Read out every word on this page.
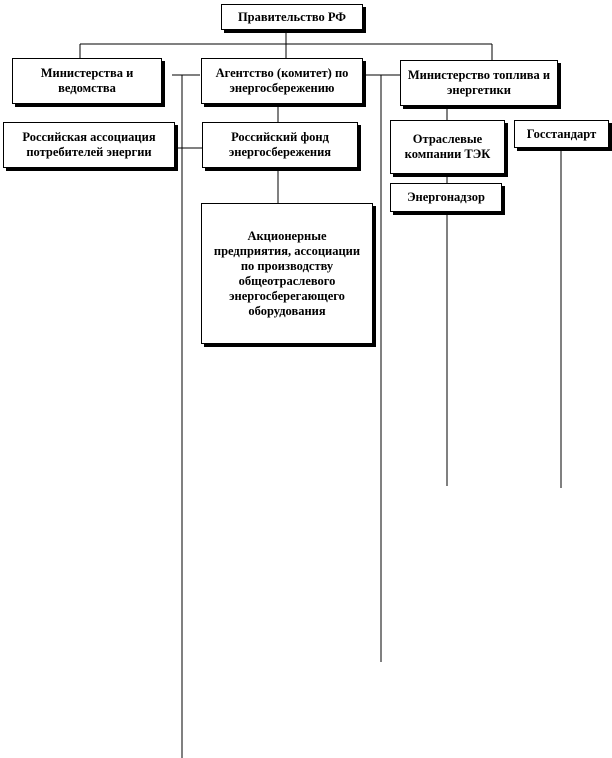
Правительство РФ
Министерства и ведомства
Агентство (комитет) по энергосбережению
Министерство топлива и энергетики
Российская ассоциация потребителей энергии
Российский фонд энергосбережения
Отраслевые компании ТЭК
Госстандарт
Энергонадзор
Акционерные предприятия, ассоциации по производству общеотраслевого энергосберегающего оборудования
